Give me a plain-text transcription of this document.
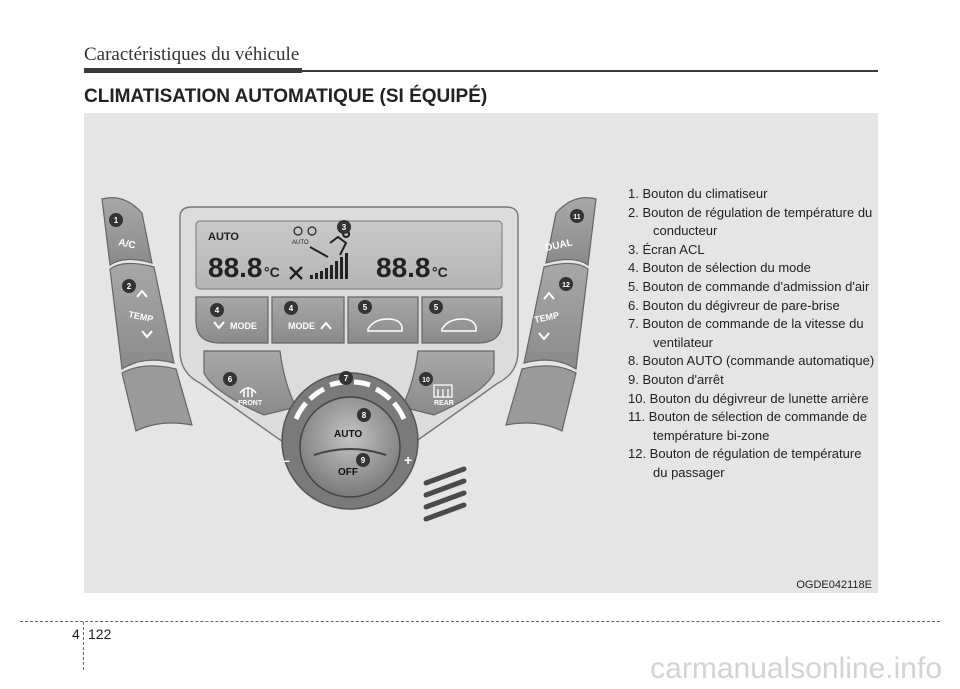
Caractéristiques du véhicule
CLIMATISATION AUTOMATIQUE (SI ÉQUIPÉ)
A/C
TEMP
DUAL
TEMP
AUTO
88.8 °C	88.8 °C
AUTO
MODE	MODE
FRONT	REAR
–	+
AUTO
OFF
1
2
3
4	4	5	5
6	7
8
9
10
11
12
1. Bouton du climatiseur
2. Bouton de régulation de température du conducteur
3. Écran ACL
4. Bouton de sélection du mode
5. Bouton de commande d'admission d'air
6. Bouton du dégivreur de pare-brise
7. Bouton de commande de la vitesse du ventilateur
8. Bouton AUTO (commande automatique)
9. Bouton d'arrêt
10. Bouton du dégivreur de lunette arrière
11. Bouton de sélection de commande de température bi-zone
12. Bouton de régulation de température du passager
OGDE042118E
4 122
carmanualsonline.info
